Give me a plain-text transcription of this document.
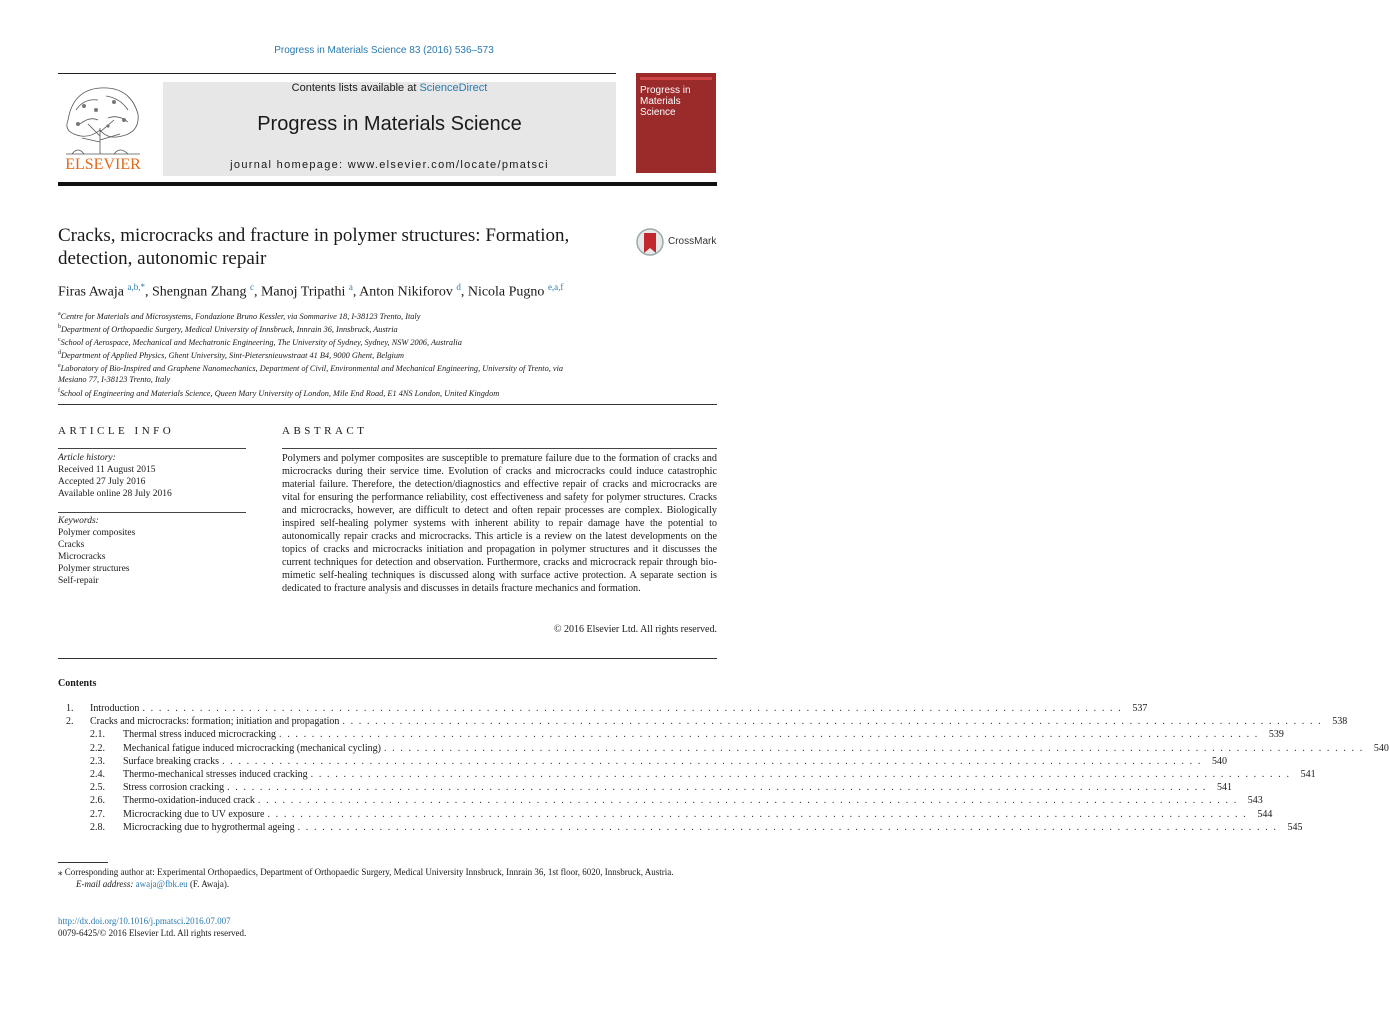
Progress in Materials Science 83 (2016) 536–573
ELSEVIER
Contents lists available at ScienceDirect
Progress in Materials Science
journal homepage: www.elsevier.com/locate/pmatsci
Progress in Materials Science
Cracks, microcracks and fracture in polymer structures: Formation, detection, autonomic repair
CrossMark
Firas Awaja $^{a,b,*}$, Shengnan Zhang $^c$, Manoj Tripathi $^a$, Anton Nikiforov $^d$, Nicola Pugno $^{e,a,f}$
$^a$Centre for Materials and Microsystems, Fondazione Bruno Kessler, via Sommarive 18, I-38123 Trento, Italy
$^b$Department of Orthopaedic Surgery, Medical University of Innsbruck, Innrain 36, Innsbruck, Austria
$^c$School of Aerospace, Mechanical and Mechatronic Engineering, The University of Sydney, Sydney, NSW 2006, Australia
$^d$Department of Applied Physics, Ghent University, Sint-Pietersnieuwstraat 41 B4, 9000 Ghent, Belgium
$^e$Laboratory of Bio-Inspired and Graphene Nanomechanics, Department of Civil, Environmental and Mechanical Engineering, University of Trento, via Mesiano 77, I-38123 Trento, Italy
$^f$School of Engineering and Materials Science, Queen Mary University of London, Mile End Road, E1 4NS London, United Kingdom
ARTICLE INFO	ABSTRACT
Article history:
Received 11 August 2015
Accepted 27 July 2016
Available online 28 July 2016
Keywords:
Polymer composites
Cracks
Microcracks
Polymer structures
Self-repair
Polymers and polymer composites are susceptible to premature failure due to the formation of cracks and microcracks during their service time. Evolution of cracks and microcracks could induce catastrophic material failure. Therefore, the detection/diagnostics and effective repair of cracks and microcracks are vital for ensuring the performance reliability, cost effectiveness and safety for polymer structures. Cracks and microcracks, however, are difficult to detect and often repair processes are complex. Biologically inspired self-healing polymer systems with inherent ability to repair damage have the potential to autonomically repair cracks and microcracks. This article is a review on the latest developments on the topics of cracks and microcracks initiation and propagation in polymer structures and it discusses the current techniques for detection and observation. Furthermore, cracks and microcrack repair through bio-mimetic self-healing techniques is discussed along with surface active protection. A separate section is dedicated to fracture analysis and discusses in details fracture mechanics and formation.
© 2016 Elsevier Ltd. All rights reserved.
Contents
1.	Introduction . . . . . . . . . . . . . . . . . . . . . . . . . . . . . . . . . . . . . . . . . . . . . . . . . . . . . . . . . . . . . . . . . . . . . . . . . . . . . . . . . . . . . . . . . . . . . . . . . . . . . . . . . . . . . . . . . . . . . . . .	537
2.	Cracks and microcracks: formation; initiation and propagation . . . . . . . . . . . . . . . . . . . . . . . . . . . . . . . . . . . . . . . . . . . . . . . . . . . . . . . . . . . . . . . . . . . . . . . . . . . . . . . . . . . . . . . . . . . . . . . . . . . . . . . . . . . . . . . . . . . . . . . .	538
2.1.	Thermal stress induced microcracking . . . . . . . . . . . . . . . . . . . . . . . . . . . . . . . . . . . . . . . . . . . . . . . . . . . . . . . . . . . . . . . . . . . . . . . . . . . . . . . . . . . . . . . . . . . . . . . . . . . . . . . . . . . . . . . . . . . . . . . .	539
2.2.	Mechanical fatigue induced microcracking (mechanical cycling) . . . . . . . . . . . . . . . . . . . . . . . . . . . . . . . . . . . . . . . . . . . . . . . . . . . . . . . . . . . . . . . . . . . . . . . . . . . . . . . . . . . . . . . . . . . . . . . . . . . . . . . . . . . . . . . . . . . . . . . .	540
2.3.	Surface breaking cracks . . . . . . . . . . . . . . . . . . . . . . . . . . . . . . . . . . . . . . . . . . . . . . . . . . . . . . . . . . . . . . . . . . . . . . . . . . . . . . . . . . . . . . . . . . . . . . . . . . . . . . . . . . . . . . . . . . . . . . . .	540
2.4.	Thermo-mechanical stresses induced cracking . . . . . . . . . . . . . . . . . . . . . . . . . . . . . . . . . . . . . . . . . . . . . . . . . . . . . . . . . . . . . . . . . . . . . . . . . . . . . . . . . . . . . . . . . . . . . . . . . . . . . . . . . . . . . . . . . . . . . . . .	541
2.5.	Stress corrosion cracking . . . . . . . . . . . . . . . . . . . . . . . . . . . . . . . . . . . . . . . . . . . . . . . . . . . . . . . . . . . . . . . . . . . . . . . . . . . . . . . . . . . . . . . . . . . . . . . . . . . . . . . . . . . . . . . . . . . . . . . .	541
2.6.	Thermo-oxidation-induced crack . . . . . . . . . . . . . . . . . . . . . . . . . . . . . . . . . . . . . . . . . . . . . . . . . . . . . . . . . . . . . . . . . . . . . . . . . . . . . . . . . . . . . . . . . . . . . . . . . . . . . . . . . . . . . . . . . . . . . . . .	543
2.7.	Microcracking due to UV exposure . . . . . . . . . . . . . . . . . . . . . . . . . . . . . . . . . . . . . . . . . . . . . . . . . . . . . . . . . . . . . . . . . . . . . . . . . . . . . . . . . . . . . . . . . . . . . . . . . . . . . . . . . . . . . . . . . . . . . . . .	544
2.8.	Microcracking due to hygrothermal ageing . . . . . . . . . . . . . . . . . . . . . . . . . . . . . . . . . . . . . . . . . . . . . . . . . . . . . . . . . . . . . . . . . . . . . . . . . . . . . . . . . . . . . . . . . . . . . . . . . . . . . . . . . . . . . . . . . . . . . . . .	545
⁎ Corresponding author at: Experimental Orthopaedics, Department of Orthopaedic Surgery, Medical University Innsbruck, Innrain 36, 1st floor, 6020, Innsbruck, Austria.
E-mail address: awaja@fbk.eu (F. Awaja).
http://dx.doi.org/10.1016/j.pmatsci.2016.07.007
0079-6425/© 2016 Elsevier Ltd. All rights reserved.
